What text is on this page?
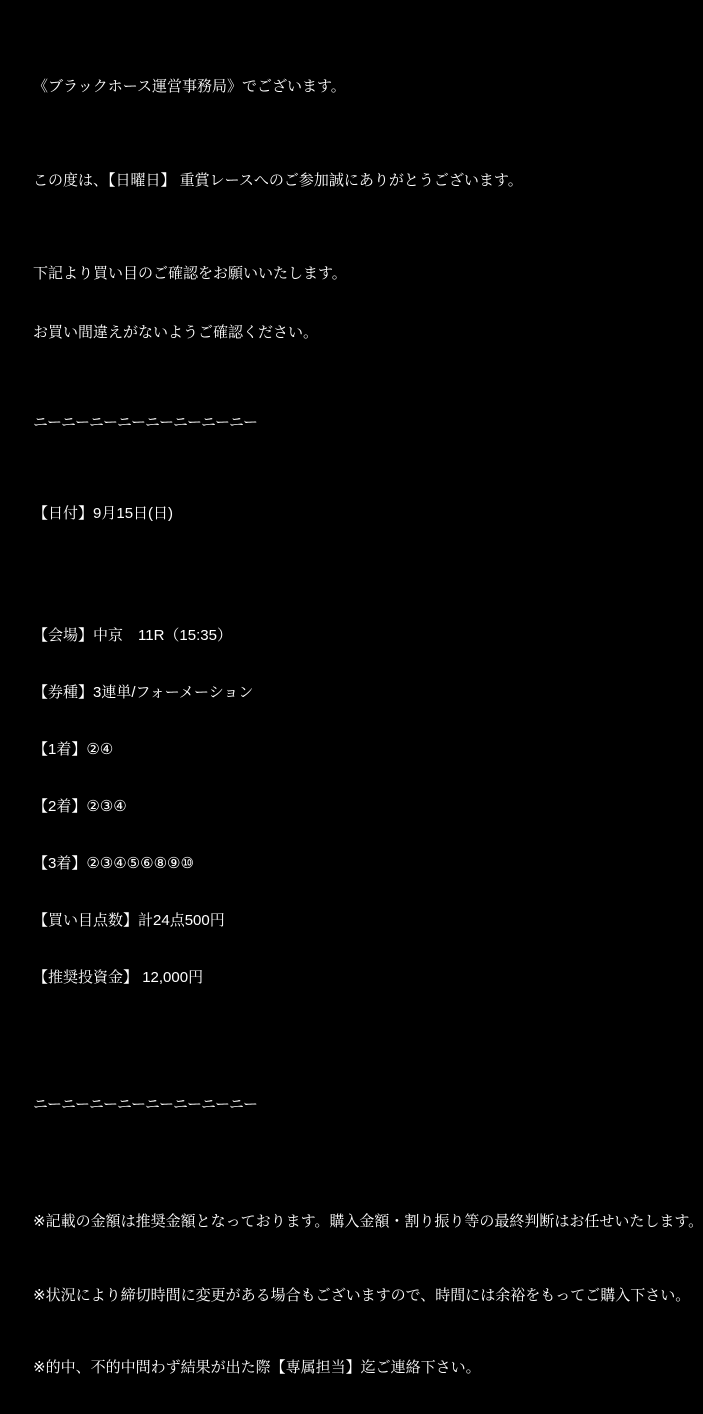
《ブラックホース運営事務局》でございます。

この度は、【日曜日】 重賞レースへのご参加誠にありがとうございます。

下記より買い目のご確認をお願いいたします。

お買い間違えがないようご確認ください。

ニーニーニーニーニーニーニーニー

【日付】9月15日(日)

【会場】中京　11R（15:35）

【券種】3連単/フォーメーション

【1着】②④

【2着】②③④

【3着】②③④⑤⑥⑧⑨⑩

【買い目点数】計24点500円

【推奨投資金】 12,000円

ニーニーニーニーニーニーニーニー

※記載の金額は推奨金額となっております。購入金額・割り振り等の最終判断はお任せいたします。

※状況により締切時間に変更がある場合もございますので、時間には余裕をもってご購入下さい。

※的中、不的中問わず結果が出た際【専属担当】迄ご連絡下さい。
